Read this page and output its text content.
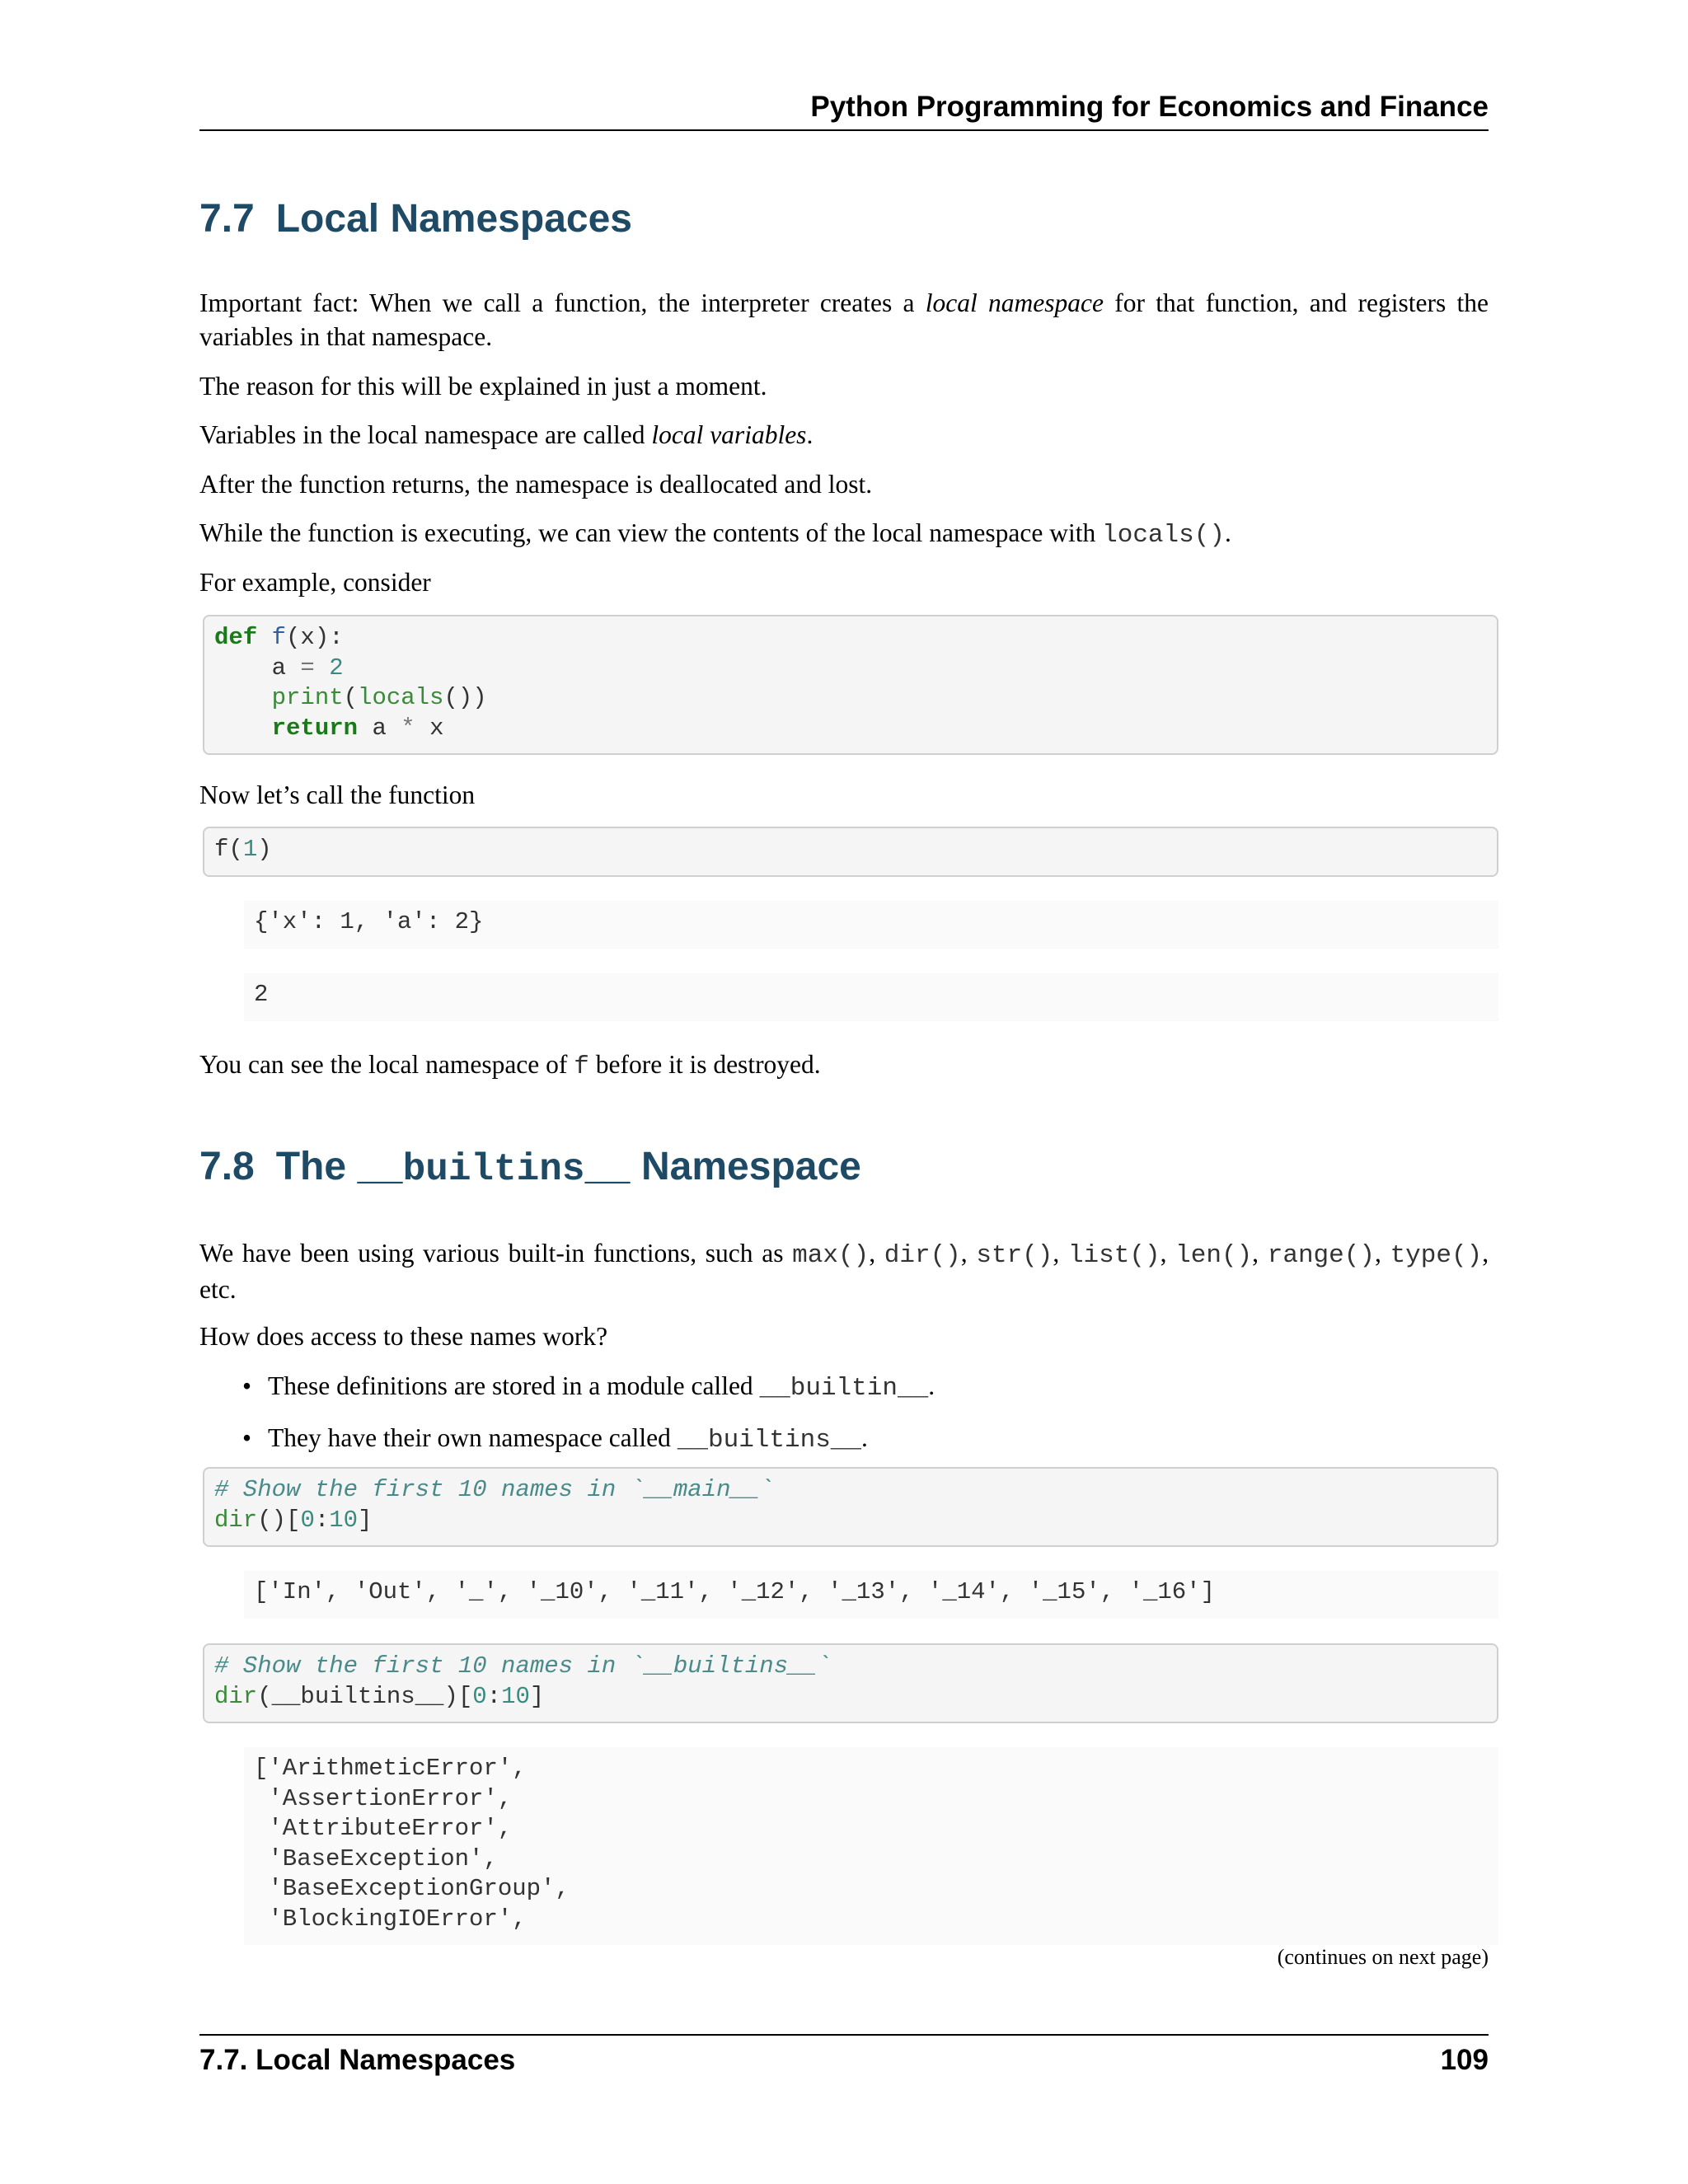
Python Programming for Economics and Finance
7.7 Local Namespaces

Important fact: When we call a function, the interpreter creates a local namespace for that function, and registers the variables in that namespace.

The reason for this will be explained in just a moment.

Variables in the local namespace are called local variables.

After the function returns, the namespace is deallocated and lost.

While the function is executing, we can view the contents of the local namespace with locals().

For example, consider

def f(x):
a = 2
print(locals())
return a * x

Now let’s call the function

f(1)
{'x': 1, 'a': 2}
2

You can see the local namespace of f before it is destroyed.

7.8 The __builtins__ Namespace

We have been using various built-in functions, such as max(), dir(), str(), list(), len(), range(), type(), etc.

How does access to these names work?

• These definitions are stored in a module called __builtin__.
• They have their own namespace called __builtins__.
# Show the first 10 names in `__main__`
dir()[0:10]
['In', 'Out', '_', '_10', '_11', '_12', '_13', '_14', '_15', '_16']
# Show the first 10 names in `__builtins__`
dir(__builtins__)[0:10]
['ArithmeticError',
'AssertionError',
'AttributeError',
'BaseException',
'BaseExceptionGroup',
'BlockingIOError',
(continues on next page)
7.7. Local Namespaces	109
